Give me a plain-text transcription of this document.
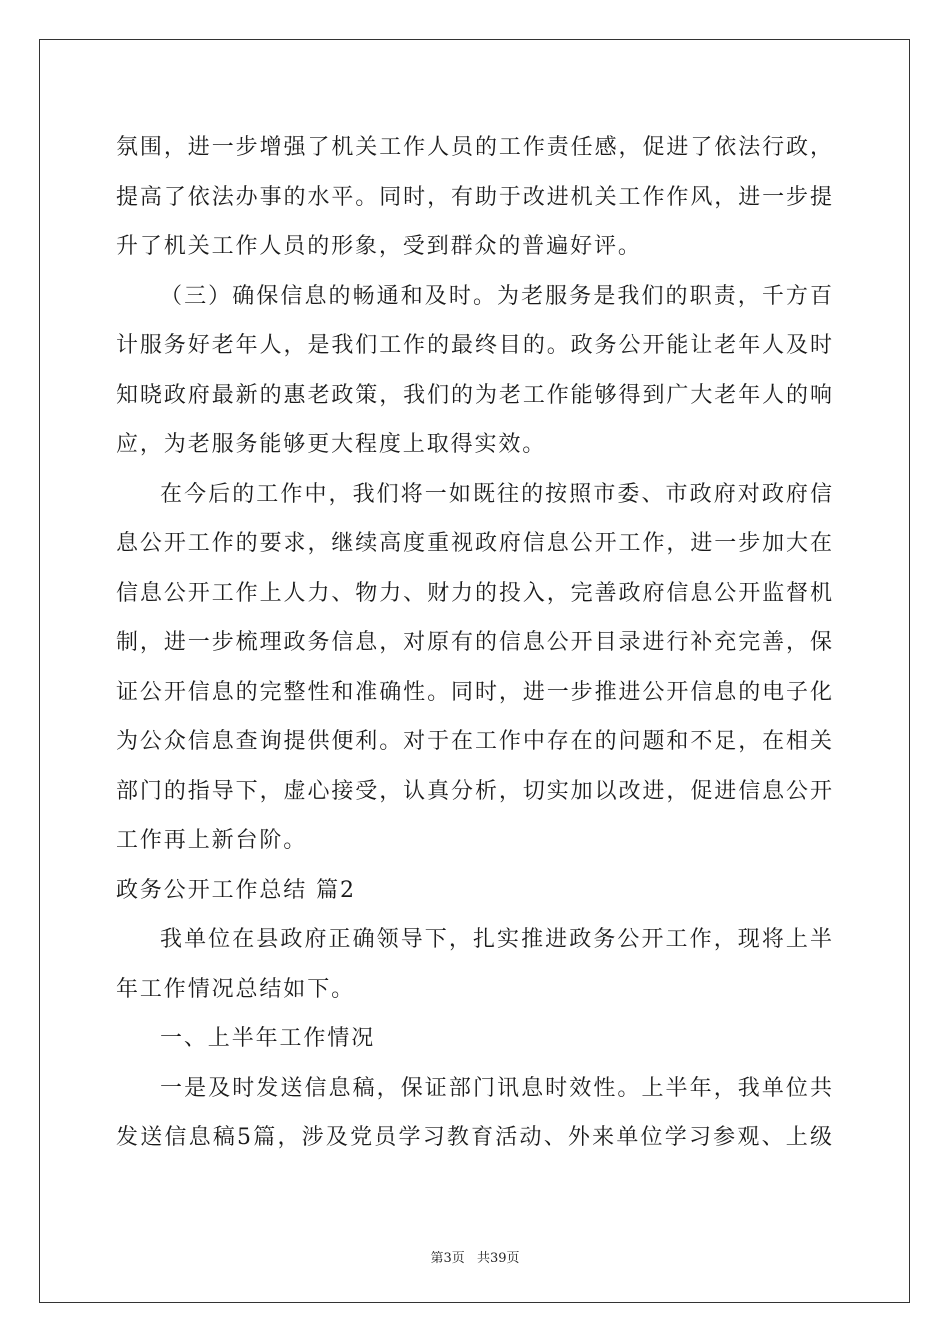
氛围，进一步增强了机关工作人员的工作责任感，促进了依法行政，
提高了依法办事的水平。同时，有助于改进机关工作作风，进一步提
升了机关工作人员的形象，受到群众的普遍好评。
（三）确保信息的畅通和及时。为老服务是我们的职责，千方百
计服务好老年人，是我们工作的最终目的。政务公开能让老年人及时
知晓政府最新的惠老政策，我们的为老工作能够得到广大老年人的响
应，为老服务能够更大程度上取得实效。
在今后的工作中，我们将一如既往的按照市委、市政府对政府信
息公开工作的要求，继续高度重视政府信息公开工作，进一步加大在
信息公开工作上人力、物力、财力的投入，完善政府信息公开监督机
制，进一步梳理政务信息，对原有的信息公开目录进行补充完善，保
证公开信息的完整性和准确性。同时，进一步推进公开信息的电子化
为公众信息查询提供便利。对于在工作中存在的问题和不足，在相关
部门的指导下，虚心接受，认真分析，切实加以改进，促进信息公开
工作再上新台阶。
政务公开工作总结 篇2
我单位在县政府正确领导下，扎实推进政务公开工作，现将上半
年工作情况总结如下。
一、上半年工作情况
一是及时发送信息稿，保证部门讯息时效性。上半年，我单位共
发送信息稿5篇，涉及党员学习教育活动、外来单位学习参观、上级
第3页 共39页
